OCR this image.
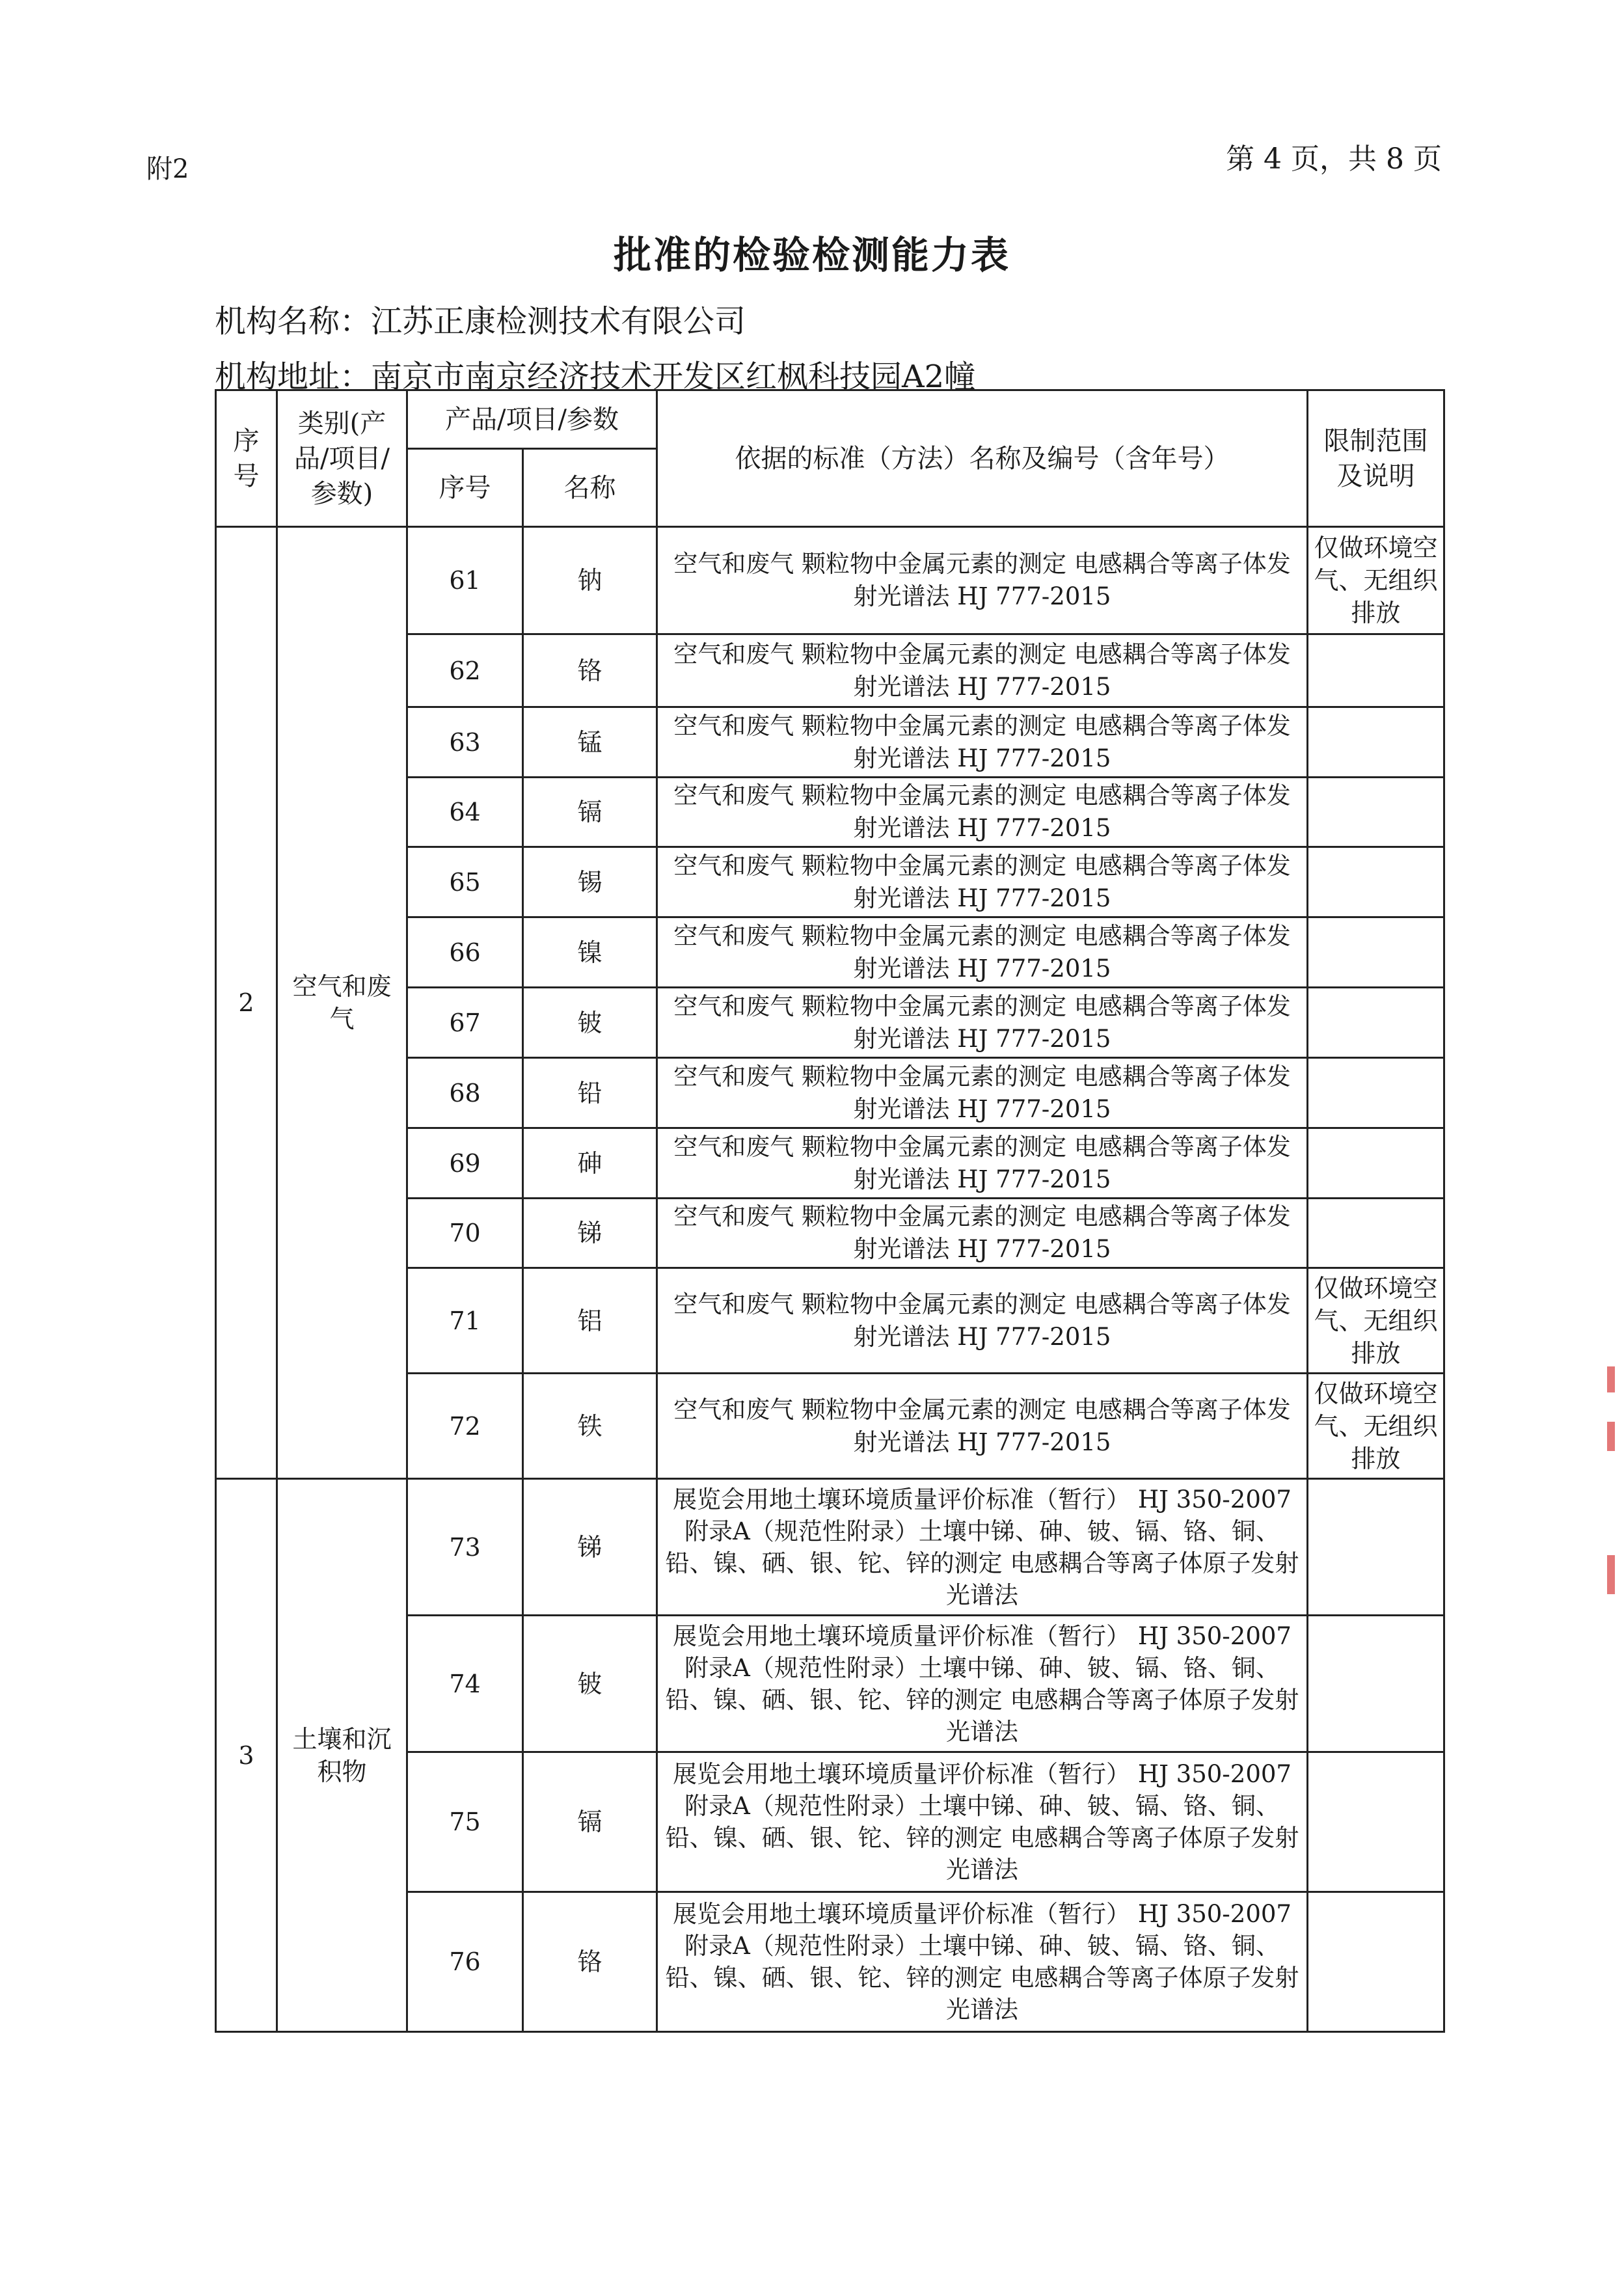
附2	第 4 页，共 8 页
批准的检验检测能力表
机构名称：江苏正康检测技术有限公司
机构地址：南京市南京经济技术开发区红枫科技园A2幢
序号	类别(产品/项目/参数)	产品/项目/参数		依据的标准（方法）名称及编号（含年号）	限制范围及说明
		序号	名称		
2	空气和废气	61	钠	空气和废气 颗粒物中金属元素的测定 电感耦合等离子体发射光谱法 HJ 777-2015	仅做环境空气、无组织排放
		62	铬	空气和废气 颗粒物中金属元素的测定 电感耦合等离子体发射光谱法 HJ 777-2015	
		63	锰	空气和废气 颗粒物中金属元素的测定 电感耦合等离子体发射光谱法 HJ 777-2015	
		64	镉	空气和废气 颗粒物中金属元素的测定 电感耦合等离子体发射光谱法 HJ 777-2015	
		65	锡	空气和废气 颗粒物中金属元素的测定 电感耦合等离子体发射光谱法 HJ 777-2015	
		66	镍	空气和废气 颗粒物中金属元素的测定 电感耦合等离子体发射光谱法 HJ 777-2015	
		67	铍	空气和废气 颗粒物中金属元素的测定 电感耦合等离子体发射光谱法 HJ 777-2015	
		68	铅	空气和废气 颗粒物中金属元素的测定 电感耦合等离子体发射光谱法 HJ 777-2015	
		69	砷	空气和废气 颗粒物中金属元素的测定 电感耦合等离子体发射光谱法 HJ 777-2015	
		70	锑	空气和废气 颗粒物中金属元素的测定 电感耦合等离子体发射光谱法 HJ 777-2015	
		71	铝	空气和废气 颗粒物中金属元素的测定 电感耦合等离子体发射光谱法 HJ 777-2015	仅做环境空气、无组织排放
		72	铁	空气和废气 颗粒物中金属元素的测定 电感耦合等离子体发射光谱法 HJ 777-2015	仅做环境空气、无组织排放
3	土壤和沉积物	73	锑	展览会用地土壤环境质量评价标准（暂行） HJ 350-2007 附录A（规范性附录）土壤中锑、砷、铍、镉、铬、铜、铅、镍、硒、银、铊、锌的测定 电感耦合等离子体原子发射光谱法	
		74	铍	展览会用地土壤环境质量评价标准（暂行） HJ 350-2007 附录A（规范性附录）土壤中锑、砷、铍、镉、铬、铜、铅、镍、硒、银、铊、锌的测定 电感耦合等离子体原子发射光谱法	
		75	镉	展览会用地土壤环境质量评价标准（暂行） HJ 350-2007 附录A（规范性附录）土壤中锑、砷、铍、镉、铬、铜、铅、镍、硒、银、铊、锌的测定 电感耦合等离子体原子发射光谱法	
		76	铬	展览会用地土壤环境质量评价标准（暂行） HJ 350-2007 附录A（规范性附录）土壤中锑、砷、铍、镉、铬、铜、铅、镍、硒、银、铊、锌的测定 电感耦合等离子体原子发射光谱法	
